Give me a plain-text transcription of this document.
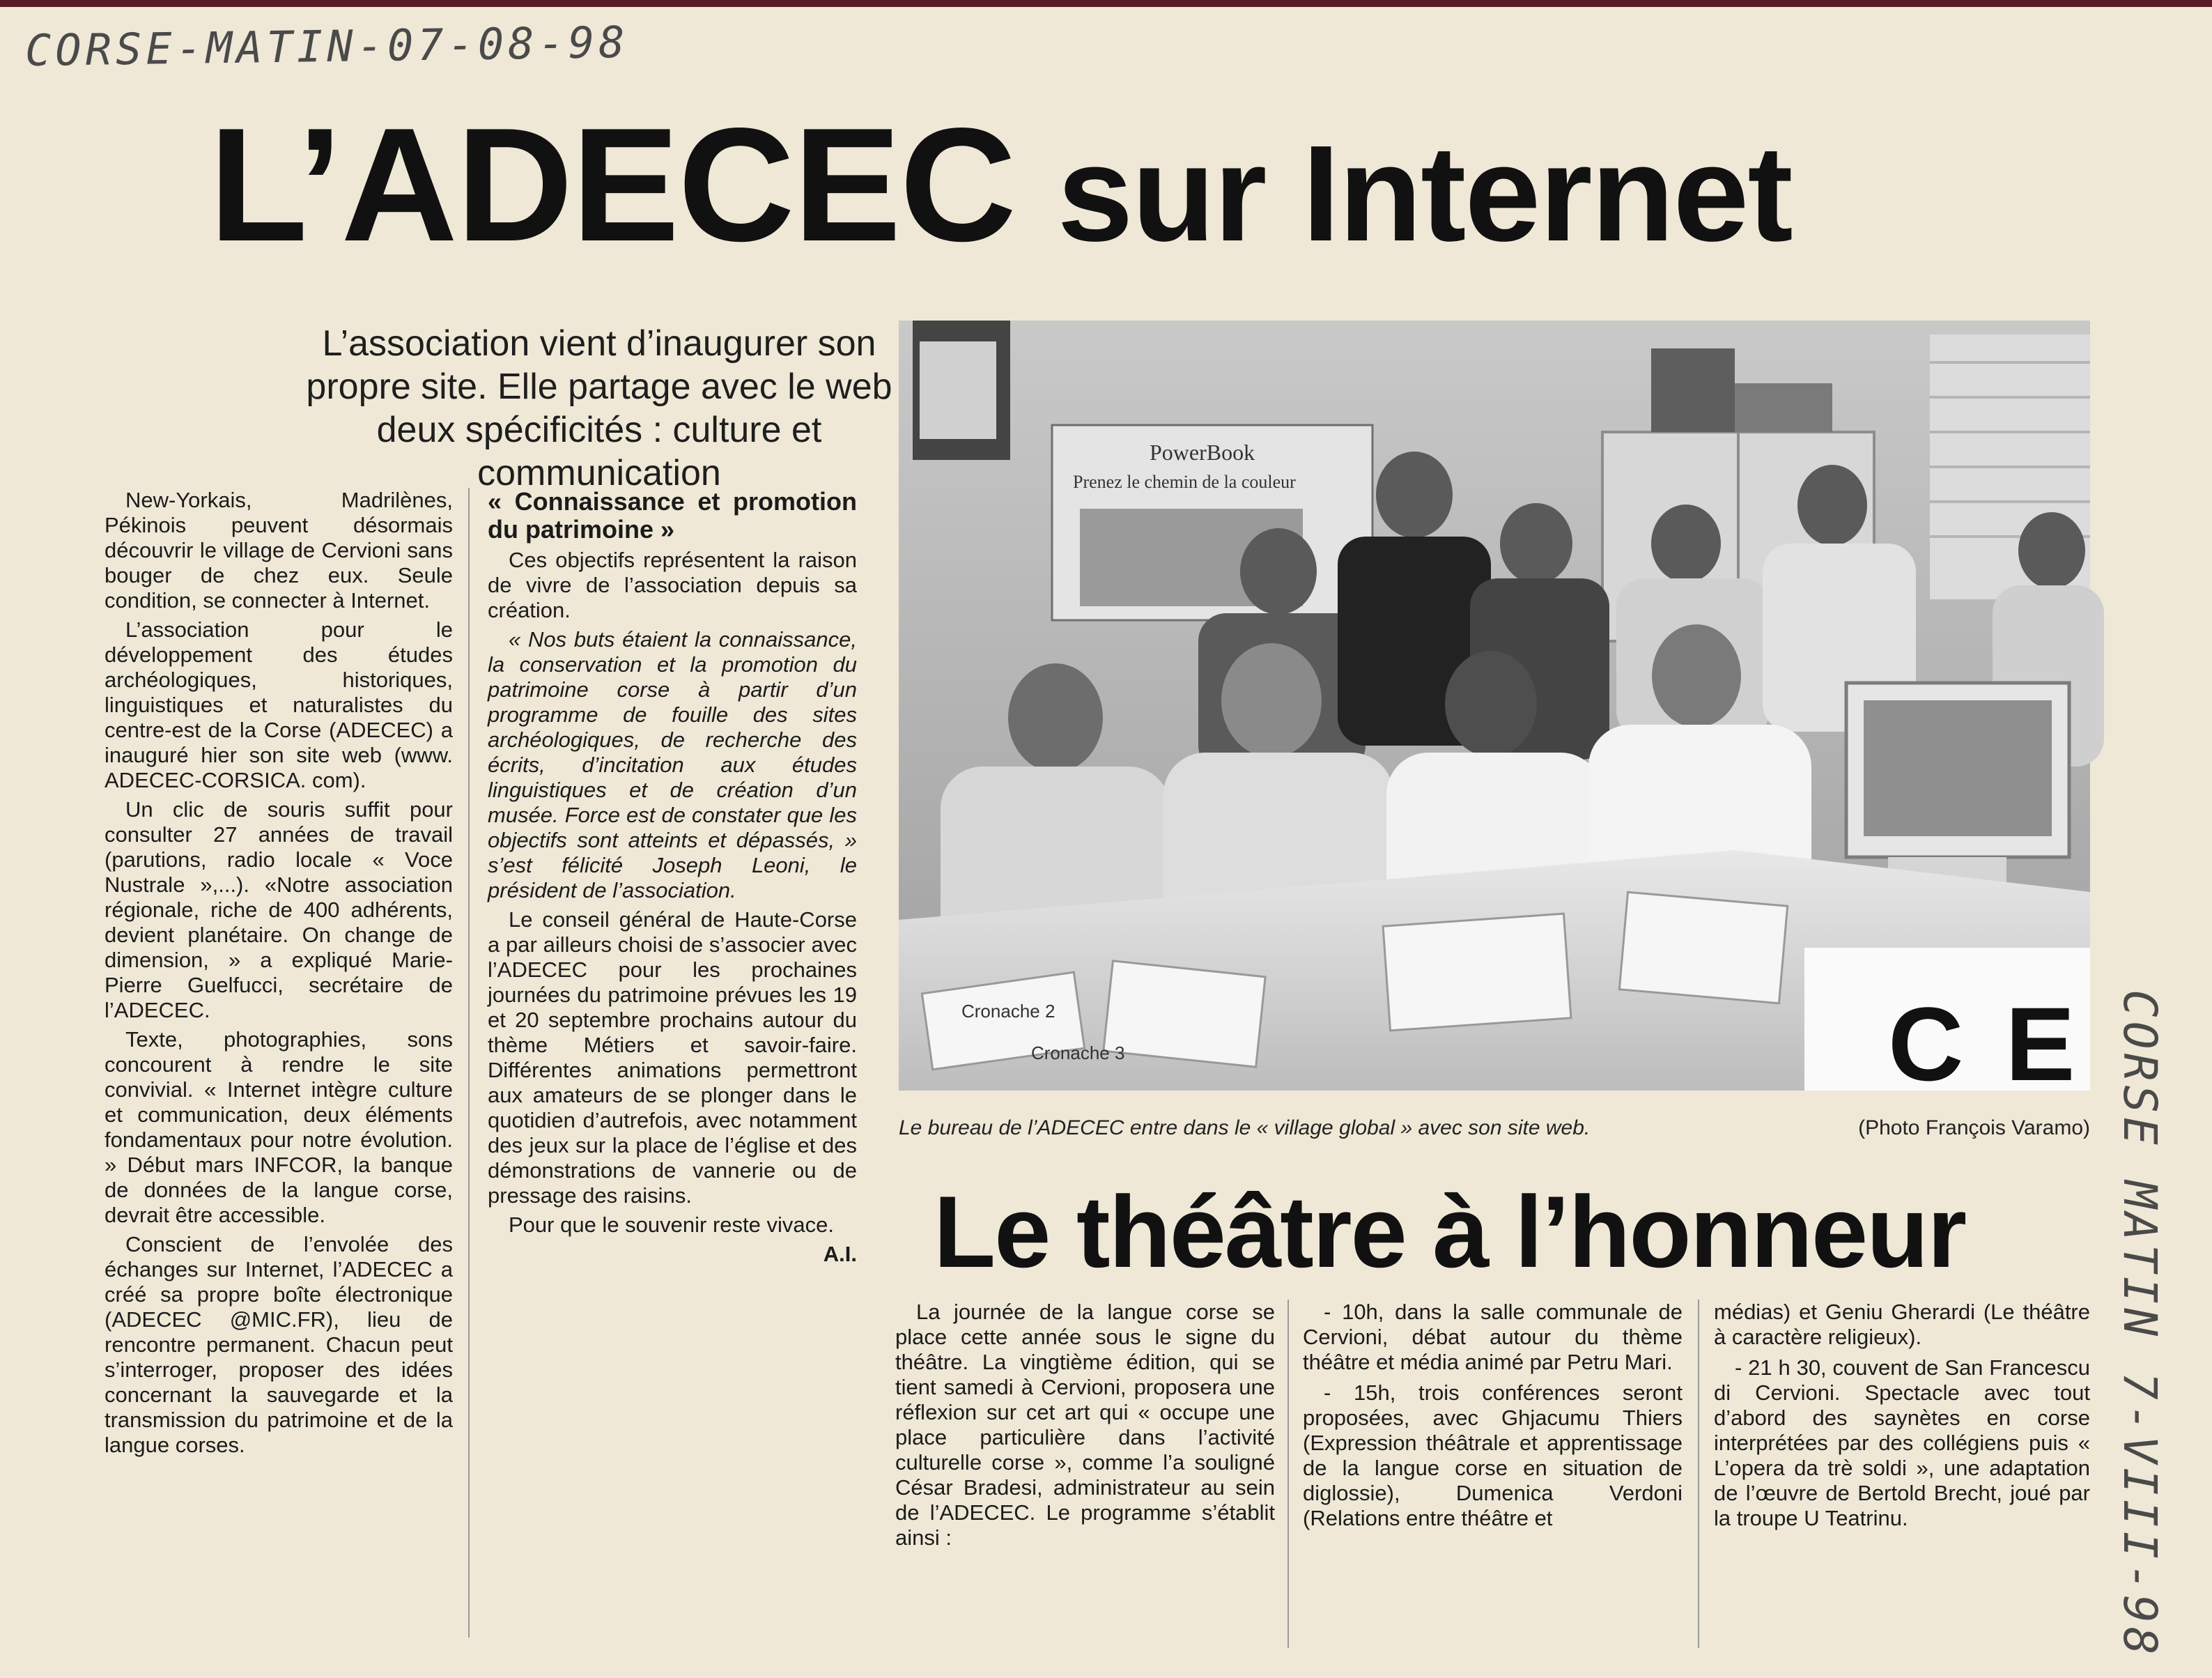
CORSE-MATIN-07-08-98
CORSE MATIN 7-VIII-98
L’ADECEC sur Internet
L’association vient d’inaugurer son propre site. Elle partage avec le web deux spécificités : culture et communication

New-Yorkais, Madrilènes, Pékinois peuvent désormais découvrir le village de Cervioni sans bouger de chez eux. Seule condition, se connecter à Internet.

L’association pour le développement des études archéologiques, historiques, linguistiques et naturalistes du centre-est de la Corse (ADECEC) a inauguré hier son site web (www. ADECEC-CORSICA. com).

Un clic de souris suffit pour consulter 27 années de travail (parutions, radio locale « Voce Nustrale »,...). «Notre association régionale, riche de 400 adhérents, devient planétaire. On change de dimension, » a expliqué Marie-Pierre Guelfucci, secrétaire de l’ADECEC.

Texte, photographies, sons concourent à rendre le site convivial. « Internet intègre culture et communication, deux éléments fondamentaux pour notre évolution. » Début mars INFCOR, la banque de données de la langue corse, devrait être accessible.

Conscient de l’envolée des échanges sur Internet, l’ADECEC a créé sa propre boîte électronique (ADECEC @MIC.FR), lieu de rencontre permanent. Chacun peut s’interroger, proposer des idées concernant la sauvegarde et la transmission du patrimoine et de la langue corses.

« Connaissance et promotion du patrimoine »

Ces objectifs représentent la raison de vivre de l’association depuis sa création.

« Nos buts étaient la connaissance, la conservation et la promotion du patrimoine corse à partir d’un programme de fouille des sites archéologiques, de recherche des écrits, d’incitation aux études linguistiques et de création d’un musée. Force est de constater que les objectifs sont atteints et dépassés, » s’est félicité Joseph Leoni, le président de l’association.

Le conseil général de Haute-Corse a par ailleurs choisi de s’associer avec l’ADECEC pour les prochaines journées du patrimoine prévues les 19 et 20 septembre prochains autour du thème Métiers et savoir-faire. Différentes animations permettront aux amateurs de se plonger dans le quotidien d’autrefois, avec notamment des jeux sur la place de l’église et des démonstrations de vannerie ou de pressage des raisins.

Pour que le souvenir reste vivace.

A.I.

PowerBook
Prenez le chemin de la couleur
Cronache 2
Cronache 3	CE
Le bureau de l’ADECEC entre dans le « village global » avec son site web.	(Photo François Varamo)
Le théâtre à l’honneur

La journée de la langue corse se place cette année sous le signe du théâtre. La vingtième édition, qui se tient samedi à Cervioni, proposera une réflexion sur cet art qui « occupe une place particulière dans l’activité culturelle corse », comme l’a souligné César Bradesi, administrateur au sein de l’ADECEC. Le programme s’établit ainsi :

- 10h, dans la salle communale de Cervioni, débat autour du thème théâtre et média animé par Petru Mari.

- 15h, trois conférences seront proposées, avec Ghjacumu Thiers (Expression théâtrale et apprentissage de la langue corse en situation de diglossie), Dumenica Verdoni (Relations entre théâtre et

médias) et Geniu Gherardi (Le théâtre à caractère religieux).

- 21 h 30, couvent de San Francescu di Cervioni. Spectacle avec tout d’abord des saynètes en corse interprétées par des collégiens puis « L’opera da trè soldi », une adaptation de l’œuvre de Bertold Brecht, joué par la troupe U Teatrinu.
